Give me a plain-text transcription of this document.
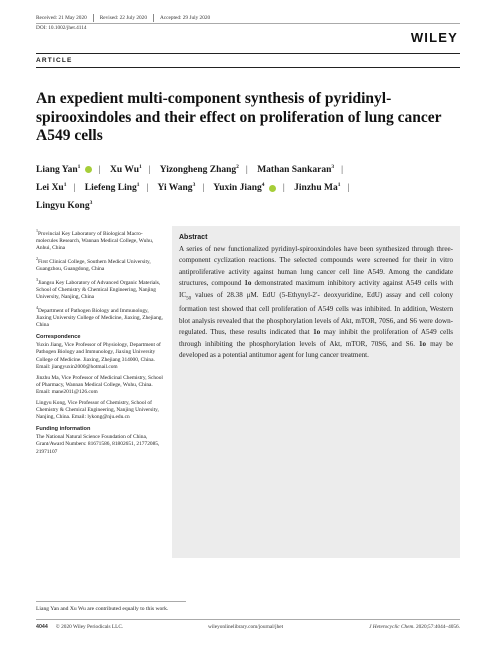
Received: 21 May 2020 Revised: 22 July 2020 Accepted: 29 July 2020
DOI: 10.1002/jhet.4114
WILEY
ARTICLE
An expedient multi-component synthesis of pyridinyl-spirooxindoles and their effect on proliferation of lung cancer A549 cells
Liang Yan$^1$ | Xu Wu$^1$ | Yizongheng Zhang$^2$ | Mathan Sankaran$^3$ |
Lei Xu$^1$ | Liefeng Ling$^1$ | Yi Wang$^3$ | Yuxin Jiang$^4$ | Jinzhu Ma$^1$ |
Lingyu Kong$^3$

$^1$Provincial Key Laboratory of Biological Macro-molecules Research, Wannan Medical College, Wuhu, Anhui, China

$^2$First Clinical College, Southern Medical University, Guangzhou, Guangdong, China

$^3$Jiangsu Key Laboratory of Advanced Organic Materials, School of Chemistry & Chemical Engineering, Nanjing University, Nanjing, China

$^4$Department of Pathogen Biology and Immunology, Jiaxing University College of Medicine, Jiaxing, Zhejiang, China

Correspondence

Yuxin Jiang, Vice Professor of Physiology, Department of Pathogen Biology and Immunology, Jiaxing University College of Medicine. Jiaxing, Zhejiang 314000, China. Email: jiangyuxin2000@hotmail.com

Jinzhu Ma, Vice Professor of Medicinal Chemistry, School of Pharmacy, Wannan Medical College, Wuhu, China. Email: mane2011@126.com

Lingyu Kong, Vice Professor of Chemistry, School of Chemistry & Chemical Engineering, Nanjing University, Nanjing, China. Email: lykong@nju.edu.cn

Funding information

The National Natural Science Foundation of China, Grant/Award Numbers: 81671586, 81802651, 21772085, 21971107

Abstract
A series of new functionalized pyridinyl-spirooxindoles have been synthesized through three-component cyclization reactions. The selected compounds were screened for their in vitro antiproliferative activity against human lung cancer cell line A549. Among the candidate structures, compound 1o demonstrated maximum inhibitory activity against A549 cells with $IC_{50}$ values of 28.38 μM. EdU (5-Ethynyl-2′- deoxyuridine, EdU) assay and cell colony formation test showed that cell proliferation of A549 cells was inhibited. In addition, Western blot analysis revealed that the phosphorylation levels of Akt, mTOR, 70S6, and S6 were down-regulated. Thus, these results indicated that 1o may inhibit the proliferation of A549 cells through inhibiting the phosphorylation levels of Akt, mTOR, 70S6, and S6. 1o may be developed as a potential antitumor agent for lung cancer treatment.
Liang Yan and Xu Wu are contributed equally to this work.
4044 © 2020 Wiley Periodicals LLC.	wileyonlinelibrary.com/journal/jhet	J Heterocyclic Chem. 2020;57:4044–4056.
